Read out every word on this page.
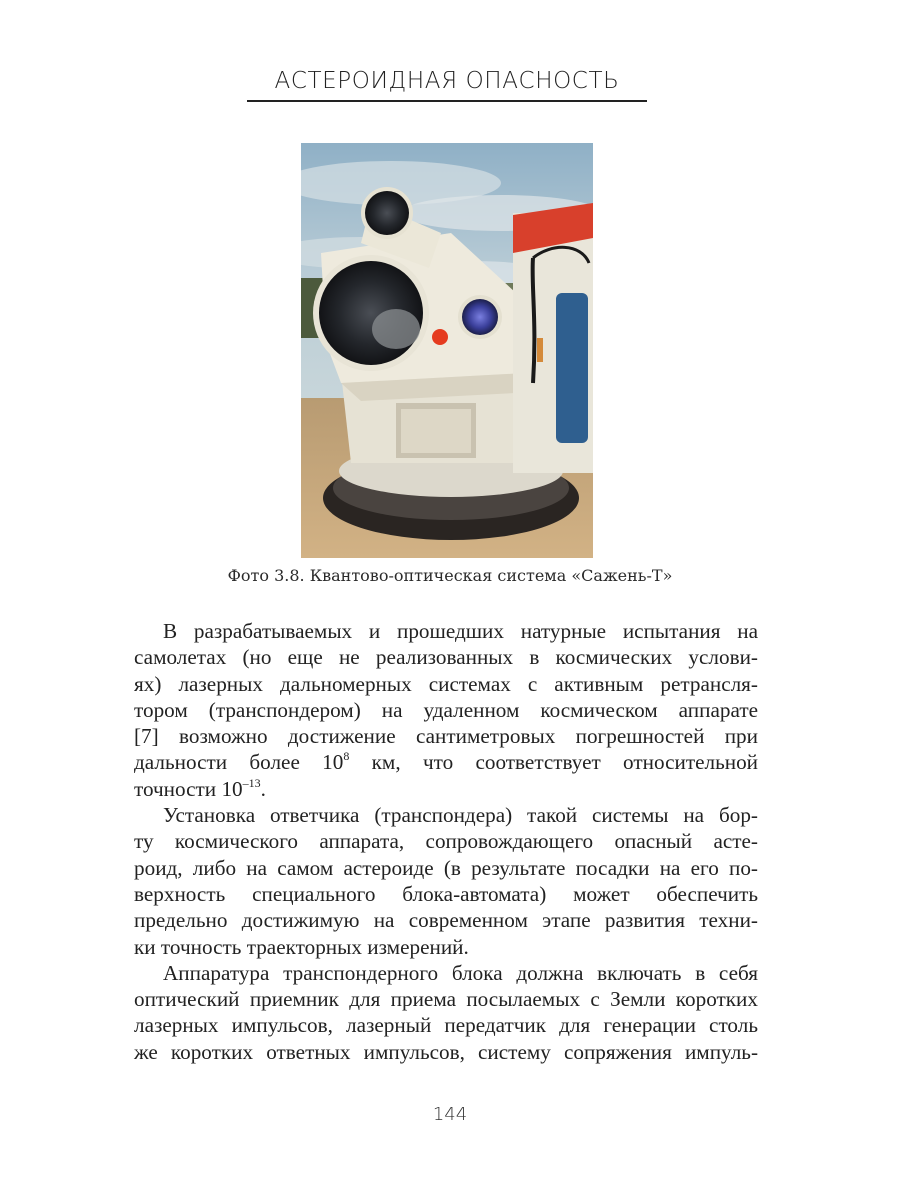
АСТЕРОИДНАЯ ОПАСНОСТЬ
Фото 3.8. Квантово-оптическая система «Сажень-Т»
В разрабатываемых и прошедших натурные испытания на
самолетах (но еще не реализованных в космических услови-
ях) лазерных дальномерных системах с активным ретрансля-
тором (транспондером) на удаленном космическом аппарате
[7] возможно достижение сантиметровых погрешностей при
дальности более $10^8$ км, что соответствует относительной
точности $10^{-13}$.
Установка ответчика (транспондера) такой системы на бор-
ту космического аппарата, сопровождающего опасный асте-
роид, либо на самом астероиде (в результате посадки на его по-
верхность специального блока-автомата) может обеспечить
предельно достижимую на современном этапе развития техни-
ки точность траекторных измерений.
Аппаратура транспондерного блока должна включать в себя
оптический приемник для приема посылаемых с Земли коротких
лазерных импульсов, лазерный передатчик для генерации столь
же коротких ответных импульсов, систему сопряжения импуль-
144
